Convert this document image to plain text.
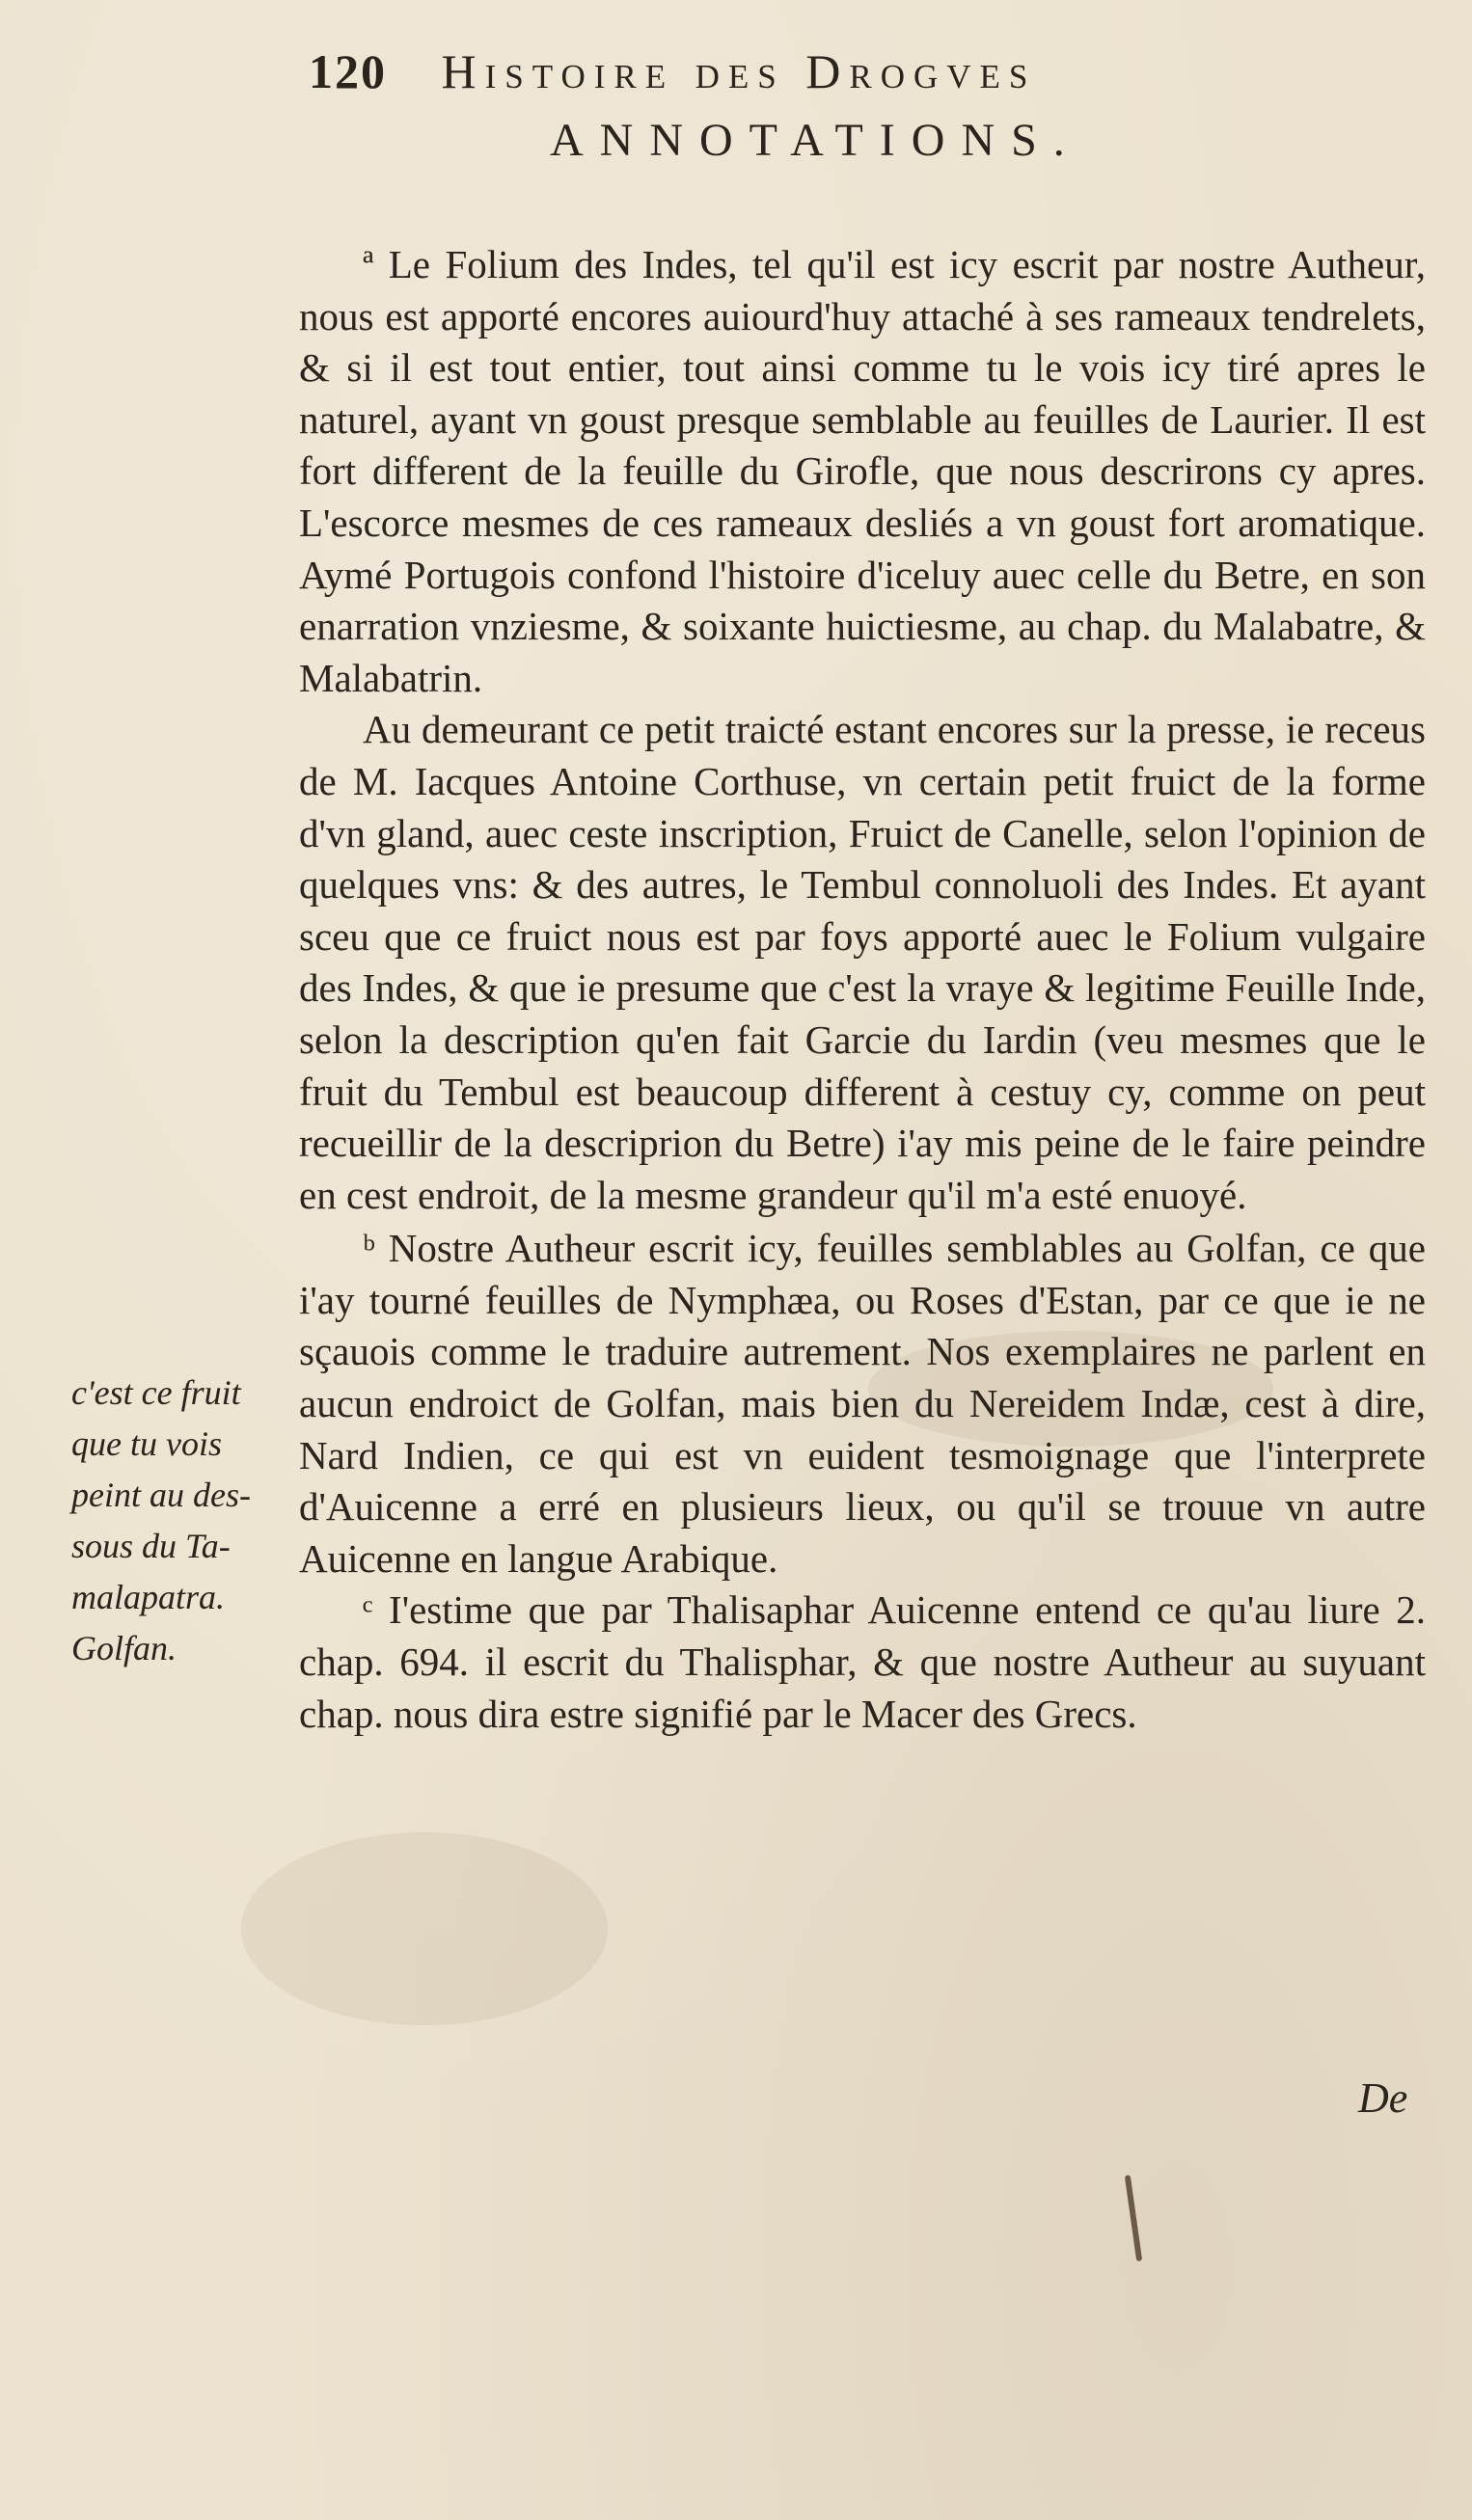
120 Histoire des Drogves
ANNOTATIONS.

ª Le Folium des Indes, tel qu'il est icy escrit par nostre Autheur, nous est apporté encores auiourd'huy attaché à ses rameaux tendrelets, & si il est tout entier, tout ainsi comme tu le vois icy tiré apres le naturel, ayant vn goust presque semblable au feuilles de Laurier. Il est fort different de la feuille du Girofle, que nous descrirons cy apres. L'escorce mesmes de ces rameaux desliés a vn goust fort aromatique. Aymé Portugois confond l'histoire d'iceluy auec celle du Betre, en son enarration vnziesme, & soixante huictiesme, au chap. du Malabatre, & Malabatrin.

Au demeurant ce petit traicté estant encores sur la presse, ie receus de M. Iacques Antoine Corthuse, vn certain petit fruict de la forme d'vn gland, auec ceste inscription, Fruict de Canelle, selon l'opinion de quelques vns: & des autres, le Tembul connoluoli des Indes. Et ayant sceu que ce fruict nous est par foys apporté auec le Folium vulgaire des Indes, & que ie presume que c'est la vraye & legitime Feuille Inde, selon la description qu'en fait Garcie du Iardin (veu mesmes que le fruit du Tembul est beaucoup different à cestuy cy, comme on peut recueillir de la descriprion du Betre) i'ay mis peine de le faire peindre en cest endroit, de la mesme grandeur qu'il m'a esté enuoyé.

ᵇ Nostre Autheur escrit icy, feuilles semblables au Golfan, ce que i'ay tourné feuilles de Nymphæa, ou Roses d'Estan, par ce que ie ne sçauois comme le traduire autrement. Nos exemplaires ne parlent en aucun endroict de Golfan, mais bien du Nereidem Indæ, cest à dire, Nard Indien, ce qui est vn euident tesmoignage que l'interprete d'Auicenne a erré en plusieurs lieux, ou qu'il se trouue vn autre Auicenne en langue Arabique.

ᶜ I'estime que par Thalisaphar Auicenne entend ce qu'au liure 2. chap. 694. il escrit du Thalisphar, & que nostre Autheur au suyuant chap. nous dira estre signifié par le Macer des Grecs.

c'est ce fruit
que tu vois
peint au des-
sous du Ta-
malapatra.
Golfan.
De
